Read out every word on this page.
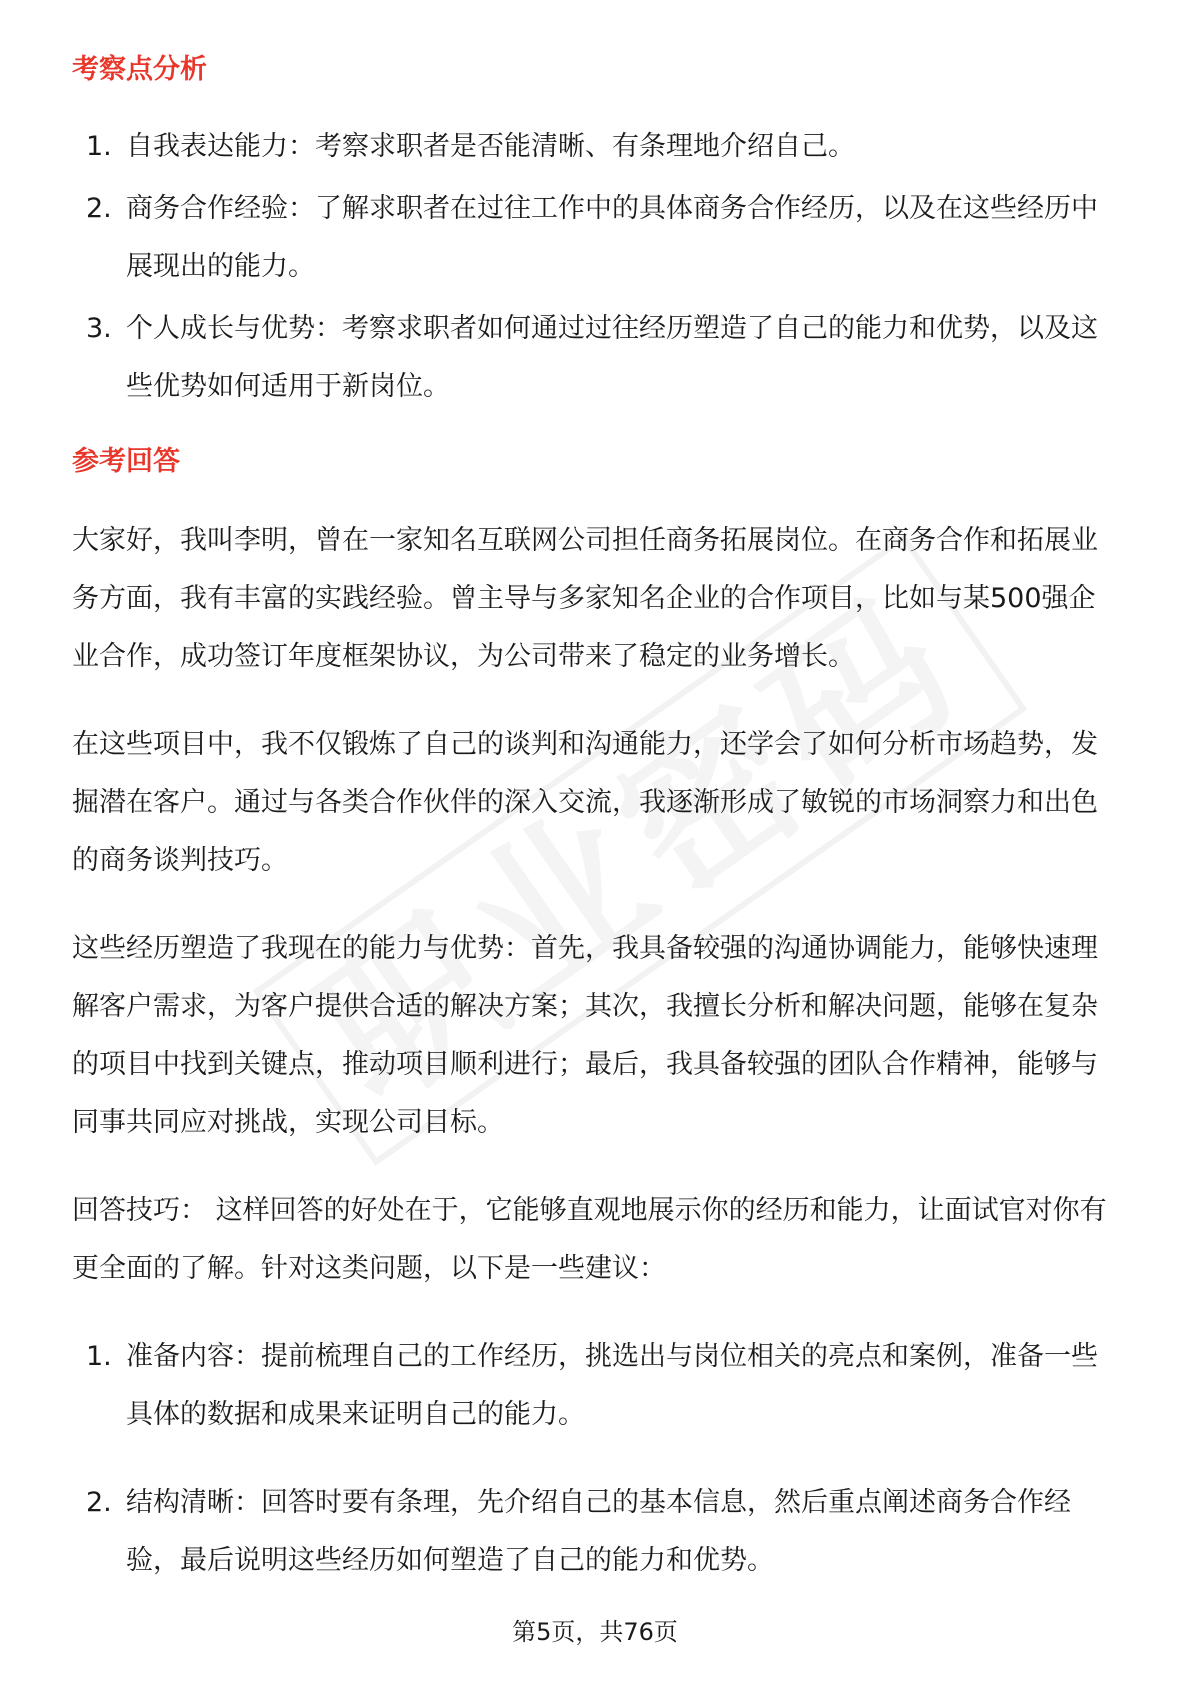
考察点分析
1. 自我表达能力：考察求职者是否能清晰、有条理地介绍自己。
2. 商务合作经验：了解求职者在过往工作中的具体商务合作经历，以及在这些经历中展现出的能力。
3. 个人成长与优势：考察求职者如何通过过往经历塑造了自己的能力和优势，以及这些优势如何适用于新岗位。
参考回答

大家好，我叫李明，曾在一家知名互联网公司担任商务拓展岗位。在商务合作和拓展业务方面，我有丰富的实践经验。曾主导与多家知名企业的合作项目，比如与某500强企业合作，成功签订年度框架协议，为公司带来了稳定的业务增长。

在这些项目中，我不仅锻炼了自己的谈判和沟通能力，还学会了如何分析市场趋势，发掘潜在客户。通过与各类合作伙伴的深入交流，我逐渐形成了敏锐的市场洞察力和出色的商务谈判技巧。

这些经历塑造了我现在的能力与优势：首先，我具备较强的沟通协调能力，能够快速理解客户需求，为客户提供合适的解决方案；其次，我擅长分析和解决问题，能够在复杂的项目中找到关键点，推动项目顺利进行；最后，我具备较强的团队合作精神，能够与同事共同应对挑战，实现公司目标。

回答技巧： 这样回答的好处在于，它能够直观地展示你的经历和能力，让面试官对你有更全面的了解。针对这类问题，以下是一些建议：

1. 准备内容：提前梳理自己的工作经历，挑选出与岗位相关的亮点和案例，准备一些具体的数据和成果来证明自己的能力。
2. 结构清晰：回答时要有条理，先介绍自己的基本信息，然后重点阐述商务合作经验，最后说明这些经历如何塑造了自己的能力和优势。
第5页，共76页
